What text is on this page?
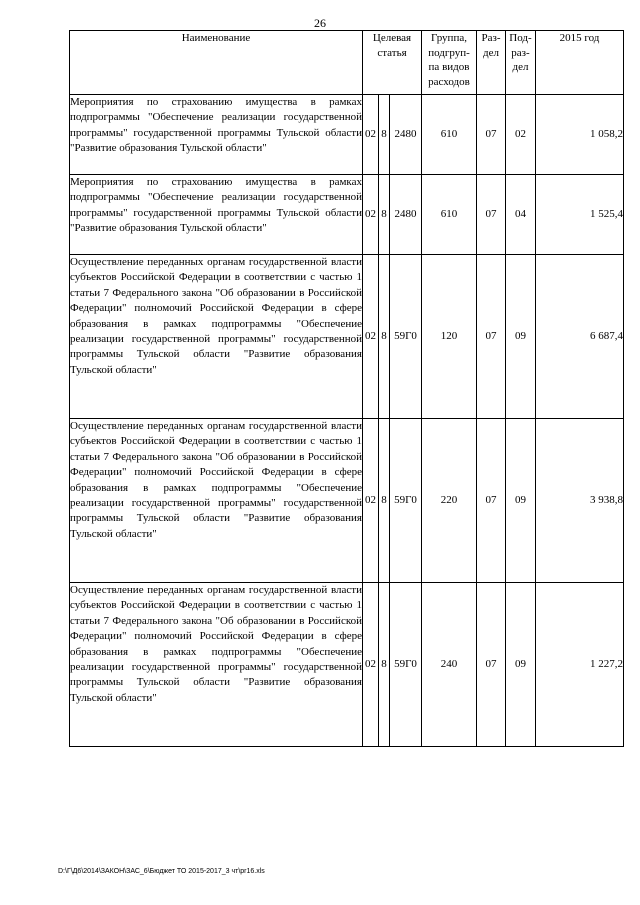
26
Наименование	Целевая статья			Группа, подгруп- па видов расходов	Раз- дел	Под- раз- дел	2015 год
Мероприятия по страхованию имущества в рамках подпрограммы "Обеспечение реализации государственной программы" государственной программы Тульской области "Развитие образования Тульской области"	02	8	2480	610	07	02	1 058,2
Мероприятия по страхованию имущества в рамках подпрограммы "Обеспечение реализации государственной программы" государственной программы Тульской области "Развитие образования Тульской области"	02	8	2480	610	07	04	1 525,4
Осуществление переданных органам государственной власти субъектов Российской Федерации в соответствии с частью 1 статьи 7 Федерального закона "Об образовании в Российской Федерации" полномочий Российской Федерации в сфере образования в рамках подпрограммы "Обеспечение реализации государственной программы" государственной программы Тульской области "Развитие образования Тульской области"	02	8	59Г0	120	07	09	6 687,4
Осуществление переданных органам государственной власти субъектов Российской Федерации в соответствии с частью 1 статьи 7 Федерального закона "Об образовании в Российской Федерации" полномочий Российской Федерации в сфере образования в рамках подпрограммы "Обеспечение реализации государственной программы" государственной программы Тульской области "Развитие образования Тульской области"	02	8	59Г0	220	07	09	3 938,8
Осуществление переданных органам государственной власти субъектов Российской Федерации в соответствии с частью 1 статьи 7 Федерального закона "Об образовании в Российской Федерации" полномочий Российской Федерации в сфере образования в рамках подпрограммы "Обеспечение реализации государственной программы" государственной программы Тульской области "Развитие образования Тульской области"	02	8	59Г0	240	07	09	1 227,2
D:\Г\Д6\2014\ЗАКОН\ЗАС_6\Бюджет ТО 2015-2017_3 чт\pr16.xls
